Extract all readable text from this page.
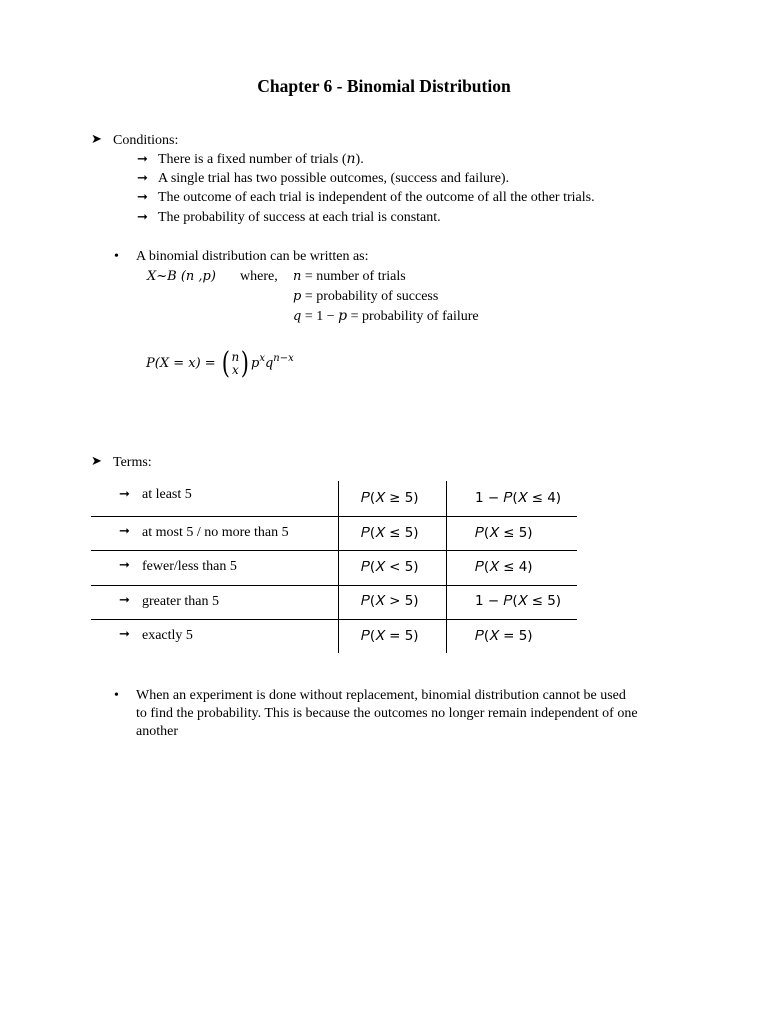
Chapter 6 - Binomial Distribution
➤ Conditions:
➞ There is a fixed number of trials (𝑛).
➞ A single trial has two possible outcomes, (success and failure).
➞ The outcome of each trial is independent of the outcome of all the other trials.
➞ The probability of success at each trial is constant.
• A binomial distribution can be written as:
𝑋~𝐵 (𝑛 ,𝑝) where, 𝑛 = number of trials
𝑝 = probability of success
𝑞 = 1 − 𝑝 = probability of failure
𝑃(𝑋 = 𝑥) = ( 𝑛
𝑥) 𝑝$^𝑥$𝑞$^{𝑛-𝑥}$
➤ Terms:
➞ at least 5	𝑃(𝑋 ≥ 5)	1 − 𝑃(𝑋 ≤ 4)
➞ at most 5 / no more than 5	𝑃(𝑋 ≤ 5)	𝑃(𝑋 ≤ 5)
➞ fewer/less than 5	𝑃(𝑋 < 5)	𝑃(𝑋 ≤ 4)
➞ greater than 5	𝑃(𝑋 > 5)	1 − 𝑃(𝑋 ≤ 5)
➞ exactly 5	𝑃(𝑋 = 5)	𝑃(𝑋 = 5)
• When an experiment is done without replacement, binomial distribution cannot be used
to find the probability. This is because the outcomes no longer remain independent of one
another
